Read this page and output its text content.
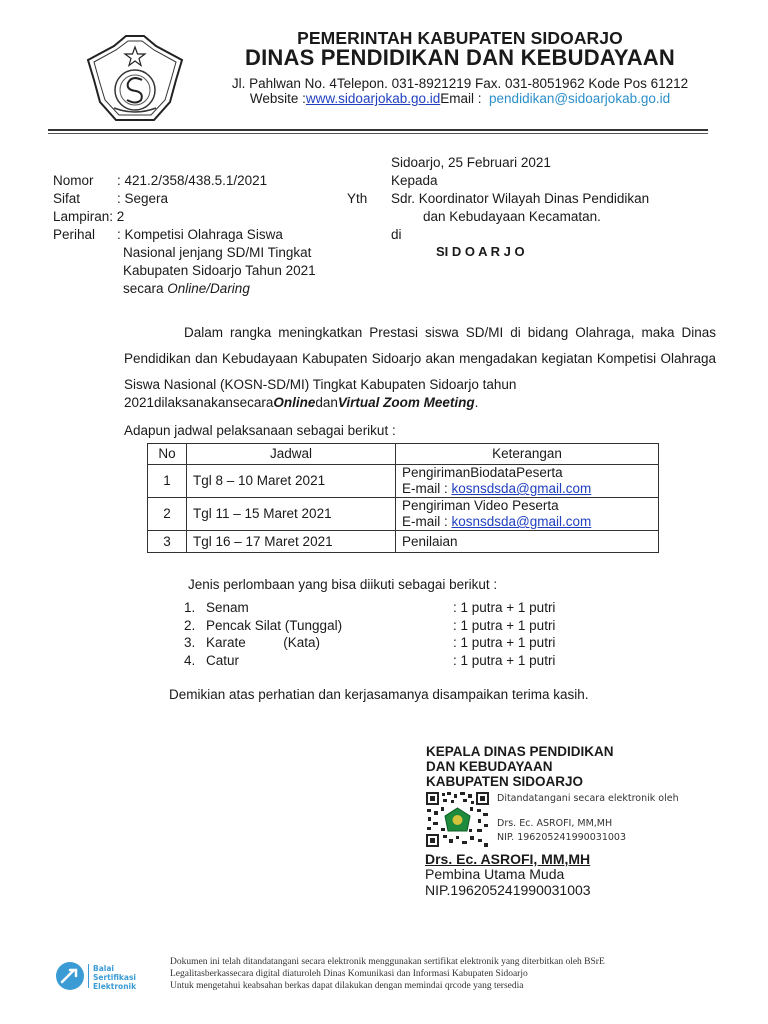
PEMERINTAH KABUPATEN SIDOARJO
DINAS PENDIDIKAN DAN KEBUDAYAAN
Jl. Pahlwan No. 4Telepon. 031-8921219 Fax. 031-8051962 Kode Pos 61212
Website :www.sidoarjokab.go.idEmail : pendidikan@sidoarjokab.go.id
Nomor	: 421.2/358/438.5.1/2021
Sifat	: Segera
Lampiran: 2
Perihal	: Kompetisi Olahraga Siswa
Nasional jenjang SD/MI Tingkat
Kabupaten Sidoarjo Tahun 2021
secara Online/Daring
Sidoarjo, 25 Februari 2021
Kepada
Yth Sdr. Koordinator Wilayah Dinas Pendidikan
dan Kebudayaan Kecamatan.
di
SI D O A R J O
Dalam rangka meningkatkan Prestasi siswa SD/MI di bidang Olahraga, maka Dinas Pendidikan dan Kebudayaan Kabupaten Sidoarjo akan mengadakan kegiatan Kompetisi Olahraga Siswa Nasional (KOSN-SD/MI) Tingkat Kabupaten Sidoarjo tahun
2021dilaksanakansecaraOnlinedanVirtual Zoom Meeting.
Adapun jadwal pelaksanaan sebagai berikut :
No	Jadwal	Keterangan
1	Tgl 8 – 10 Maret 2021	PengirimanBiodataPeserta
E-mail : kosnsdsda@gmail.com

2	Tgl 11 – 15 Maret 2021	Pengiriman Video Peserta
E-mail : kosnsdsda@gmail.com

3	Tgl 16 – 17 Maret 2021	Penilaian
Jenis perlombaan yang bisa diikuti sebagai berikut :
1. Senam	: 1 putra + 1 putri
2. Pencak Silat (Tunggal)	: 1 putra + 1 putri
3. Karate          (Kata)	: 1 putra + 1 putri
4. Catur	: 1 putra + 1 putri
Demikian atas perhatian dan kerjasamanya disampaikan terima kasih.
KEPALA DINAS PENDIDIKAN
DAN KEBUDAYAAN
KABUPATEN SIDOARJO
Ditandatangani secara elektronik oleh
Drs. Ec. ASROFI, MM,MH
NIP. 196205241990031003
Drs. Ec. ASROFI, MM,MH
Pembina Utama Muda
NIP.196205241990031003
Balai
Sertifikasi
Elektronik
Dokumen ini telah ditandatangani secara elektronik menggunakan sertifikat elektronik yang diterbitkan oleh BSrE
Legalitasberkassecara digital diaturoleh Dinas Komunikasi dan Informasi Kabupaten Sidoarjo
Untuk mengetahui keabsahan berkas dapat dilakukan dengan memindai qrcode yang tersedia
